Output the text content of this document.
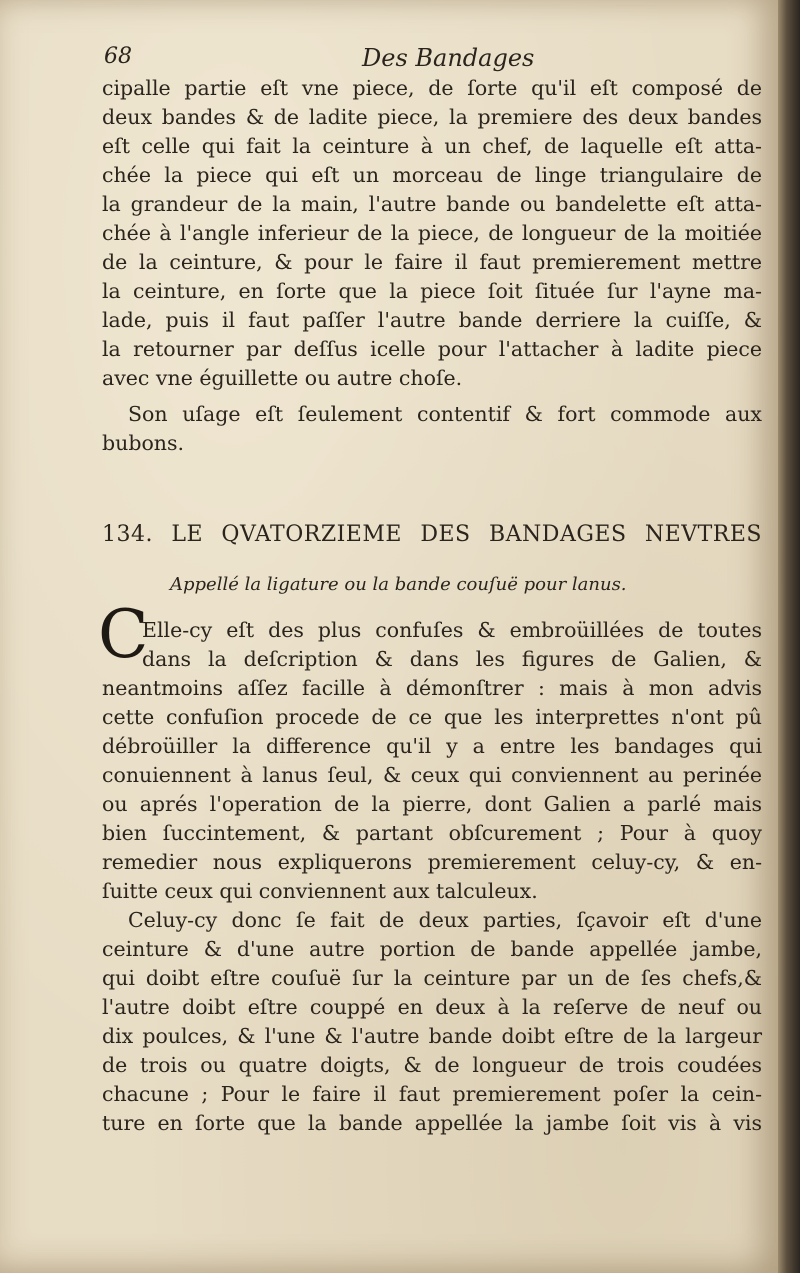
68	Des Bandages
cipalle partie eſt vne piece, de ſorte qu'il eſt composé de
deux bandes & de ladite piece, la premiere des deux bandes
eſt celle qui fait la ceinture à un chef, de laquelle eſt atta-
chée la piece qui eſt un morceau de linge triangulaire de
la grandeur de la main, l'autre bande ou bandelette eſt atta-
chée à l'angle inferieur de la piece, de longueur de la moitiée
de la ceinture, & pour le faire il faut premierement mettre
la ceinture, en ſorte que la piece ſoit ſituée ſur l'ayne ma-
lade, puis il faut paſſer l'autre bande derriere la cuiſſe, &
la retourner par deſſus icelle pour l'attacher à ladite piece
avec vne éguillette ou autre choſe.
Son uſage eſt ſeulement contentif & fort commode aux
bubons.
134. LE QVATORZIEME DES BANDAGES NEVTRES
Appellé la ligature ou la bande couſuë pour lanus.
C
Elle-cy eſt des plus confuſes & embroüillées de toutes
dans la deſcription & dans les figures de Galien, &
neantmoins aſſez facille à démonſtrer : mais à mon advis
cette confuſion procede de ce que les interprettes n'ont pû
débroüiller la difference qu'il y a entre les bandages qui
conuiennent à lanus ſeul, & ceux qui conviennent au perinée
ou aprés l'operation de la pierre, dont Galien a parlé mais
bien ſuccintement, & partant obſcurement ; Pour à quoy
remedier nous expliquerons premierement celuy-cy, & en-
ſuitte ceux qui conviennent aux talculeux.
Celuy-cy donc ſe fait de deux parties, ſçavoir eſt d'une
ceinture & d'une autre portion de bande appellée jambe,
qui doibt eſtre couſuë ſur la ceinture par un de ſes chefs,&
l'autre doibt eſtre couppé en deux à la reſerve de neuf ou
dix poulces, & l'une & l'autre bande doibt eſtre de la largeur
de trois ou quatre doigts, & de longueur de trois coudées
chacune ; Pour le faire il faut premierement poſer la cein-
ture en ſorte que la bande appellée la jambe ſoit vis à vis
